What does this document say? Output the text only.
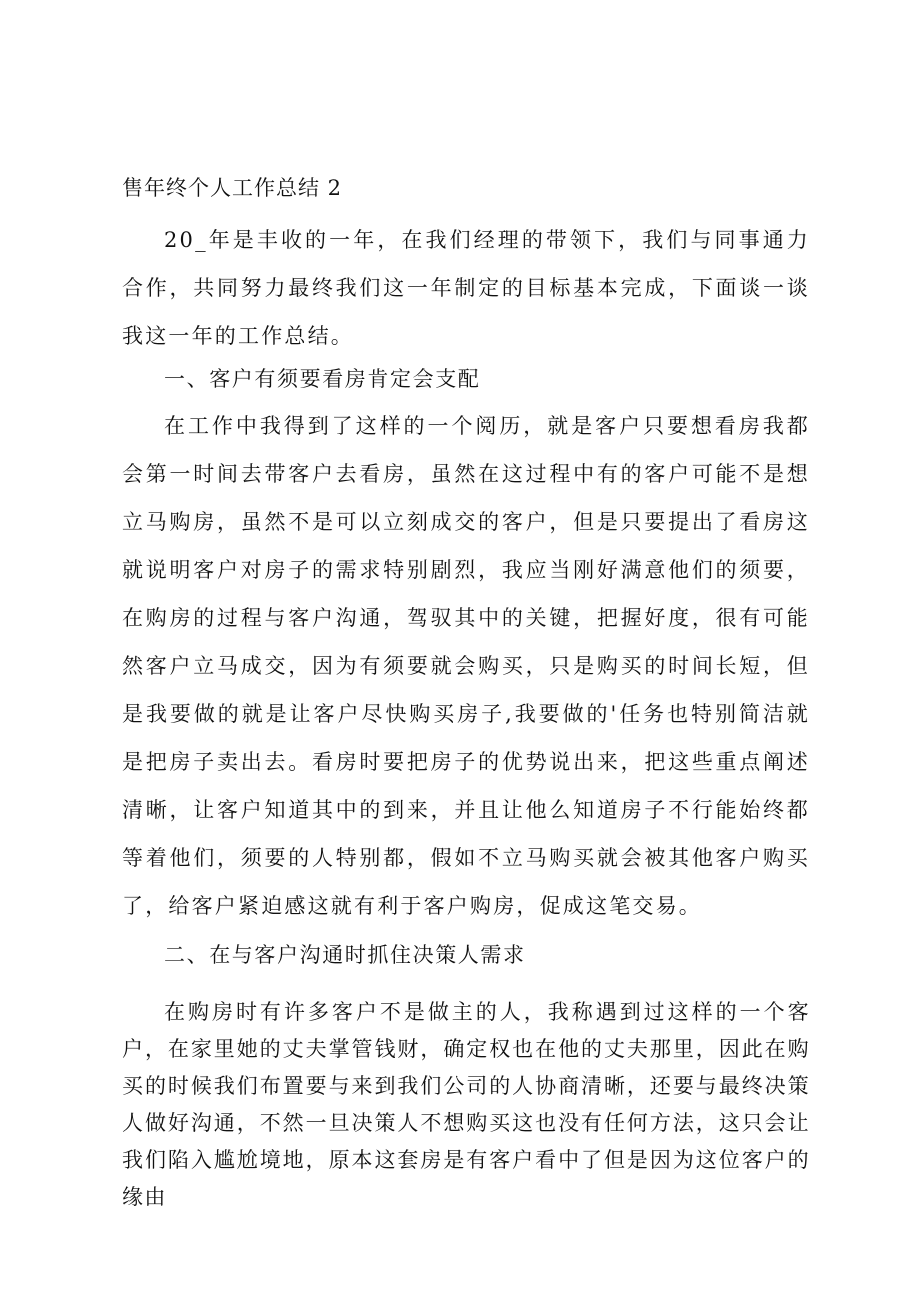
售年终个人工作总结 2

20_年是丰收的一年，在我们经理的带领下，我们与同事通力合作，共同努力最终我们这一年制定的目标基本完成，下面谈一谈我这一年的工作总结。

一、客户有须要看房肯定会支配

在工作中我得到了这样的一个阅历，就是客户只要想看房我都会第一时间去带客户去看房，虽然在这过程中有的客户可能不是想立马购房，虽然不是可以立刻成交的客户，但是只要提出了看房这就说明客户对房子的需求特别剧烈，我应当刚好满意他们的须要，在购房的过程与客户沟通，驾驭其中的关键，把握好度，很有可能然客户立马成交，因为有须要就会购买，只是购买的时间长短，但是我要做的就是让客户尽快购买房子,我要做的'任务也特别简洁就是把房子卖出去。看房时要把房子的优势说出来，把这些重点阐述清晰，让客户知道其中的到来，并且让他么知道房子不行能始终都等着他们，须要的人特别都，假如不立马购买就会被其他客户购买了，给客户紧迫感这就有利于客户购房，促成这笔交易。

二、在与客户沟通时抓住决策人需求

在购房时有许多客户不是做主的人，我称遇到过这样的一个客户，在家里她的丈夫掌管钱财，确定权也在他的丈夫那里，因此在购买的时候我们布置要与来到我们公司的人协商清晰，还要与最终决策人做好沟通，不然一旦决策人不想购买这也没有任何方法，这只会让我们陷入尴尬境地，原本这套房是有客户看中了但是因为这位客户的缘由
